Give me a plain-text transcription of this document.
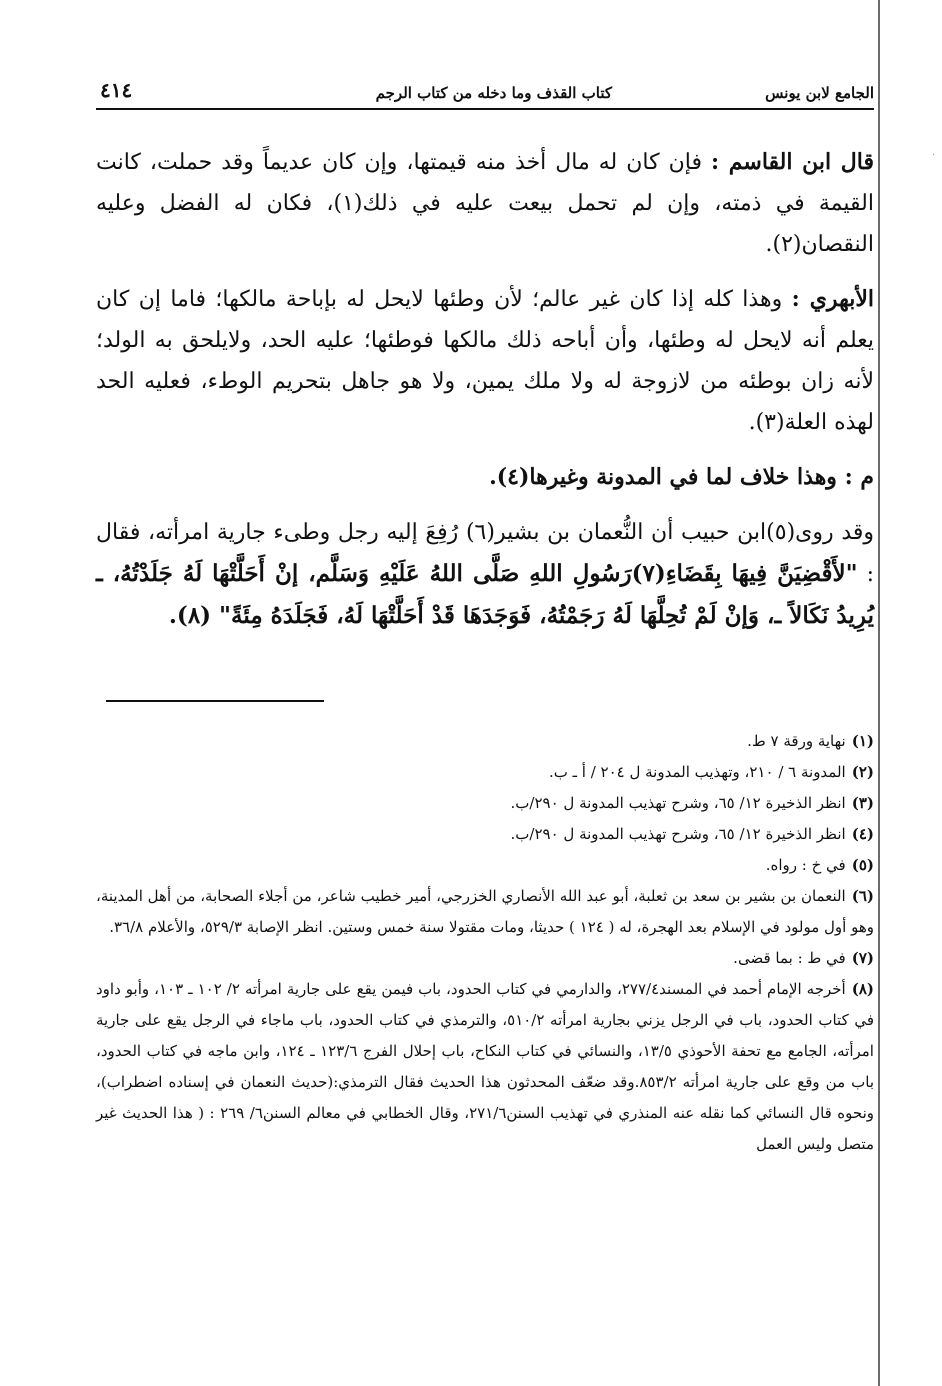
·
الجامع لابن يونس
كتاب القذف وما دخله من كتاب الرجم
٤١٤

قال ابن القاسم : فإن كان له مال أخذ منه قيمتها، وإن كان عديماً وقد حملت، كانت القيمة في ذمته، وإن لم تحمل بيعت عليه في ذلك(١)، فكان له الفضل وعليه النقصان(٢).

الأبهري : وهذا كله إذا كان غير عالم؛ لأن وطئها لايحل له بإباحة مالكها؛ فاما إن كان يعلم أنه لايحل له وطئها، وأن أباحه ذلك مالكها فوطئها؛ عليه الحد، ولايلحق به الولد؛ لأنه زان بوطئه من لازوجة له ولا ملك يمين، ولا هو جاهل بتحريم الوطء، فعليه الحد لهذه العلة(٣).

م : وهذا خلاف لما في المدونة وغيرها(٤).

وقد روى(٥)ابن حبيب أن النُّعمان بن بشير(٦) رُفِعَ إليه رجل وطىء جارية امرأته، فقال : "لأَقْضِيَنَّ فِيهَا بِقَضَاءِ(٧)رَسُولِ اللهِ صَلَّى اللهُ عَلَيْهِ وَسَلَّم، إنْ أَحَلَّتْهَا لَهُ جَلَدْتُهُ، ـ يُرِيدُ نَكَالاً ـ، وَإنْ لَمْ تُحِلَّهَا لَهُ رَجَمْتُهُ، فَوَجَدَهَا قَدْ أَحَلَّتْهَا لَهُ، فَجَلَدَهُ مِئَةً" (٨).

(١)نهاية ورقة ٧ ط.

(٢)المدونة ٦ / ٢١٠، وتهذيب المدونة ل ٢٠٤ / أ ـ ب.

(٣)انظر الذخيرة ١٢/ ٦٥، وشرح تهذيب المدونة ل ٢٩٠/ب.

(٤)انظر الذخيرة ١٢/ ٦٥، وشرح تهذيب المدونة ل ٢٩٠/ب.

(٥)في خ : رواه.

(٦)النعمان بن بشير بن سعد بن ثعلبة، أبو عبد الله الأنصاري الخزرجي، أمير خطيب شاعر، من أجلاء الصحابة، من أهل المدينة، وهو أول مولود في الإسلام بعد الهجرة، له ( ١٢٤ ) حديثا، ومات مقتولا سنة خمس وستين. انظر الإصابة ٥٢٩/٣، والأعلام ٣٦/٨.

(٧)في ط : بما قضى.

(٨)أخرجه الإمام أحمد في المسند٢٧٧/٤، والدارمي في كتاب الحدود، باب فيمن يقع على جارية امرأته ٢/ ١٠٢ ـ ١٠٣، وأبو داود في كتاب الحدود، باب في الرجل يزني بجارية امرأته ٥١٠/٢، والترمذي في كتاب الحدود، باب ماجاء في الرجل يقع على جارية امرأته، الجامع مع تحفة الأحوذي ١٣/٥، والنسائي في كتاب النكاح، باب إحلال الفرج ١٢٣/٦ ـ ١٢٤، وابن ماجه في كتاب الحدود، باب من وقع على جارية امرأته ٨٥٣/٢.وقد ضعّف المحدثون هذا الحديث فقال الترمذي:(حديث النعمان في إسناده اضطراب)، ونحوه قال النسائي كما نقله عنه المنذري في تهذيب السنن٢٧١/٦، وقال الخطابي في معالم السنن٦/ ٢٦٩ : ( هذا الحديث غير متصل وليس العمل
